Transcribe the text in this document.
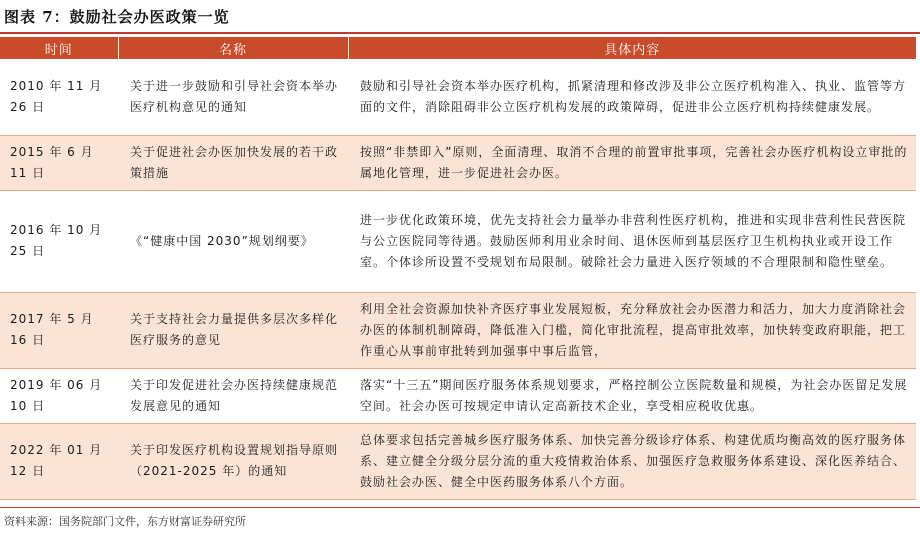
图表 7：鼓励社会办医政策一览
时间	名称	具体内容
2010 年 11 月 26 日	关于进一步鼓励和引导社会资本举办医疗机构意见的通知	鼓励和引导社会资本举办医疗机构，抓紧清理和修改涉及非公立医疗机构准入、执业、监管等方面的文件，消除阻碍非公立医疗机构发展的政策障碍，促进非公立医疗机构持续健康发展。
2015 年 6 月 11 日	关于促进社会办医加快发展的若干政策措施	按照“非禁即入”原则，全面清理、取消不合理的前置审批事项，完善社会办医疗机构设立审批的属地化管理，进一步促进社会办医。
2016 年 10 月 25 日	《“健康中国 2030”规划纲要》	进一步优化政策环境，优先支持社会力量举办非营利性医疗机构，推进和实现非营利性民营医院与公立医院同等待遇。鼓励医师利用业余时间、退休医师到基层医疗卫生机构执业或开设工作室。个体诊所设置不受规划布局限制。破除社会力量进入医疗领域的不合理限制和隐性壁垒。
2017 年 5 月 16 日	关于支持社会力量提供多层次多样化医疗服务的意见	利用全社会资源加快补齐医疗事业发展短板，充分释放社会办医潜力和活力，加大力度消除社会办医的体制机制障碍，降低准入门槛，简化审批流程，提高审批效率，加快转变政府职能，把工作重心从事前审批转到加强事中事后监管，
2019 年 06 月 10 日	关于印发促进社会办医持续健康规范发展意见的通知	落实“十三五”期间医疗服务体系规划要求，严格控制公立医院数量和规模，为社会办医留足发展空间。社会办医可按规定申请认定高新技术企业，享受相应税收优惠。
2022 年 01 月 12 日	关于印发医疗机构设置规划指导原则（2021-2025 年）的通知	总体要求包括完善城乡医疗服务体系、加快完善分级诊疗体系、构建优质均衡高效的医疗服务体系、建立健全分级分层分流的重大疫情救治体系、加强医疗急救服务体系建设、深化医养结合、鼓励社会办医、健全中医药服务体系八个方面。
资料来源：国务院部门文件，东方财富证券研究所
